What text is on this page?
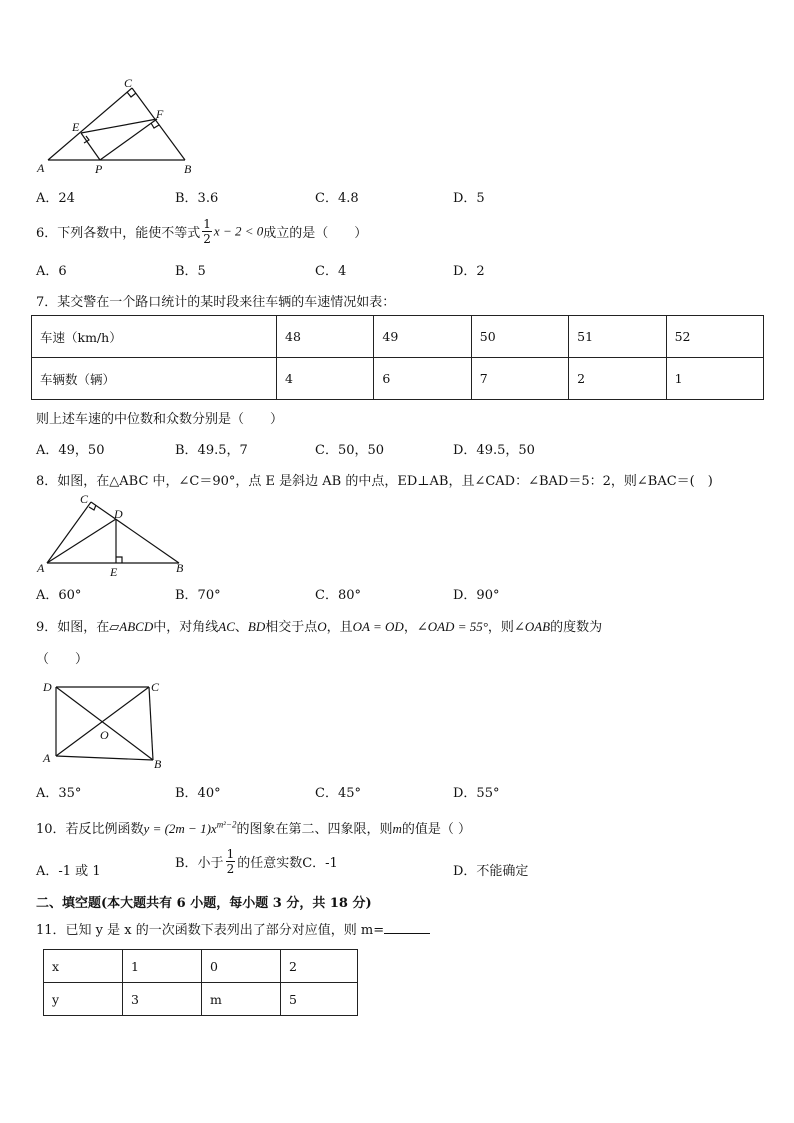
C
E
F
A	P	B
A．24	B．3.6	C．4.8	D．5
6．下列各数中，能使不等式 $\frac{1}{2}$ x − 2 < 0成立的是（　　）
A．6	B．5	C．4	D．2
7．某交警在一个路口统计的某时段来往车辆的车速情况如表：
车速（km/h）	48	49	50	51	52
车辆数（辆）	4	6	7	2	1
则上述车速的中位数和众数分别是（　　）
A．49，50	B．49.5，7	C．50，50	D．49.5，50
8．如图，在△ABC 中，∠C＝90°，点 E 是斜边 AB 的中点，ED⊥AB，且∠CAD：∠BAD＝5：2，则∠BAC＝(　)
C
D
A	E	B
A．60°	B．70°	C．80°	D．90°
9．如图，在▱ABCD中，对角线AC、BD相交于点O，且OA = OD，∠OAD = 55°，则∠OAB的度数为
（　　）
D	C
O
A	B
A．35°	B．40°	C．45°	D．55°
10．若反比例函数$y = (2m - 1)x^{m^2-2}$的图象在第二、四象限，则m的值是（ ）
A．-1 或 1
B．小于 $\frac{1}{2}$ 的任意实数C．-1
D．不能确定
二、填空题(本大题共有 6 小题，每小题 3 分，共 18 分)
11．已知 y 是 x 的一次函数下表列出了部分对应值，则 m=
x	1	0	2
y	3	m	5
